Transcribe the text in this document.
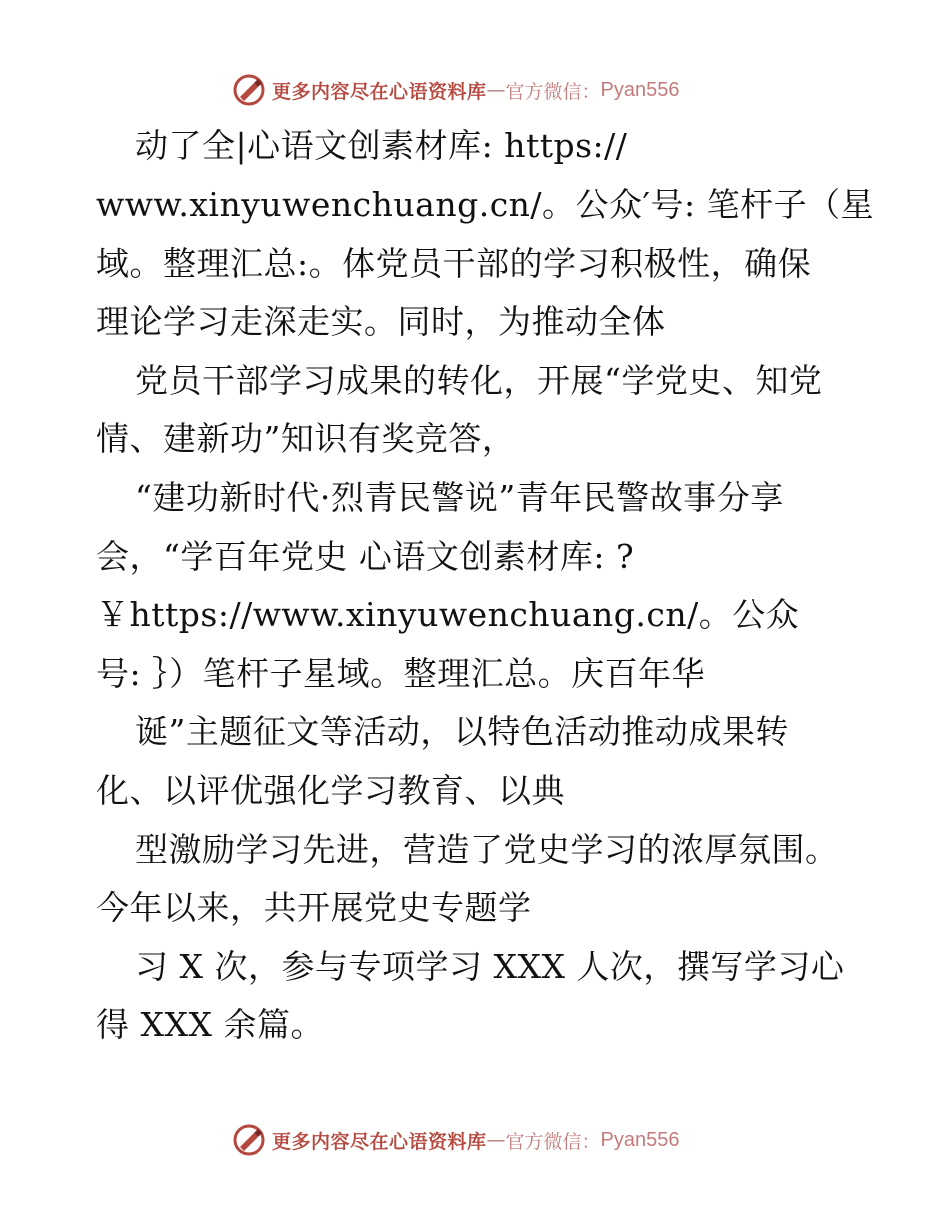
更多内容尽在心语资料库 — 官方微信： Pyan556
动了全|心语文创素材库: https://
www.xinyuwenchuang.cn/。公众′号: 笔杆子（星
域。整理汇总:。体党员干部的学习积极性，确保
理论学习走深走实。同时，为推动全体
党员干部学习成果的转化，开展“学党史、知党
情、建新功”知识有奖竞答，
“建功新时代·烈青民警说”青年民警故事分享
会，“学百年党史 心语文创素材库: ?
￥https://www.xinyuwenchuang.cn/。公众
号: ｝）笔杆子星域。整理汇总。庆百年华
诞”主题征文等活动，以特色活动推动成果转
化、以评优强化学习教育、以典
型激励学习先进，营造了党史学习的浓厚氛围。
今年以来，共开展党史专题学
习 X 次，参与专项学习 XXX 人次，撰写学习心
得 XXX 余篇。
更多内容尽在心语资料库 — 官方微信： Pyan556
